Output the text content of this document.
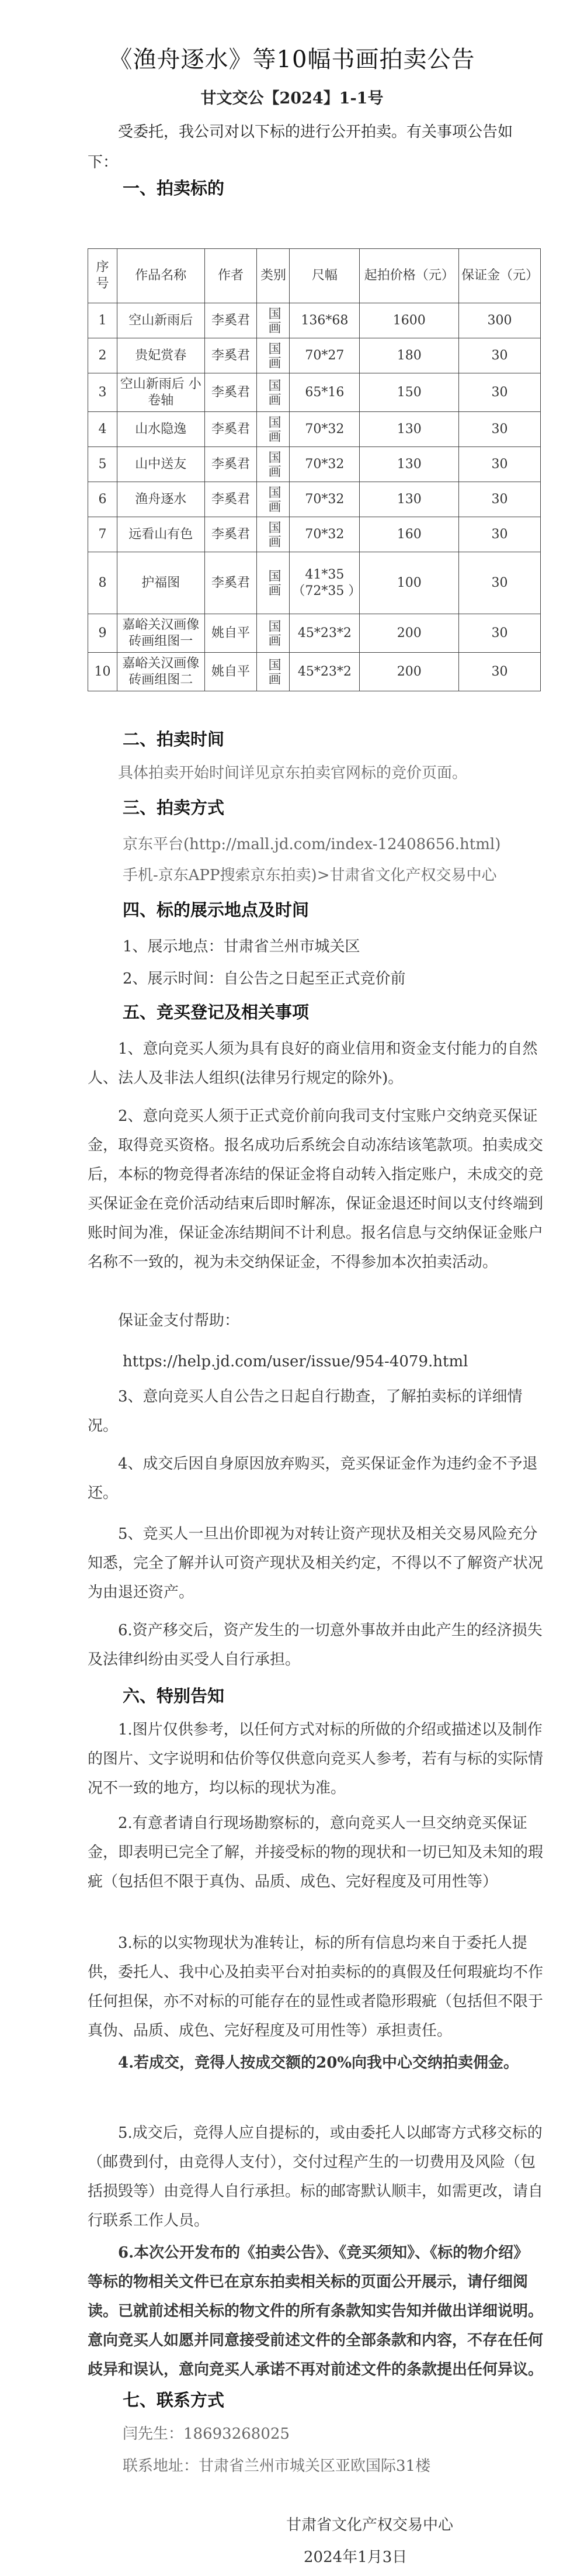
《渔舟逐水》等10幅书画拍卖公告
甘文交公【2024】1-1号
受委托，我公司对以下标的进行公开拍卖。有关事项公告如下：
一、拍卖标的
序号	作品名称	作者	类别	尺幅	起拍价格（元）	保证金（元）
1	空山新雨后	李奚君	国画	136*68	1600	300
2	贵妃赏春	李奚君	国画	70*27	180	30
3	空山新雨后 小卷轴	李奚君	国画	65*16	150	30
4	山水隐逸	李奚君	国画	70*32	130	30
5	山中送友	李奚君	国画	70*32	130	30
6	渔舟逐水	李奚君	国画	70*32	130	30
7	远看山有色	李奚君	国画	70*32	160	30
8	护福图	李奚君	国画	41*35 （72*35 ）	100	30
9	嘉峪关汉画像砖画组图一	姚自平	国画	45*23*2	200	30
10	嘉峪关汉画像砖画组图二	姚自平	国画	45*23*2	200	30
二、拍卖时间
具体拍卖开始时间详见京东拍卖官网标的竞价页面。
三、拍卖方式
京东平台(http://mall.jd.com/index-12408656.html)
手机-京东APP搜索京东拍卖)>甘肃省文化产权交易中心
四、标的展示地点及时间
1、展示地点：甘肃省兰州市城关区
2、展示时间：自公告之日起至正式竞价前
五、竞买登记及相关事项
1、意向竞买人须为具有良好的商业信用和资金支付能力的自然人、法人及非法人组织(法律另行规定的除外)。
2、意向竞买人须于正式竞价前向我司支付宝账户交纳竞买保证金，取得竞买资格。报名成功后系统会自动冻结该笔款项。拍卖成交后，本标的物竞得者冻结的保证金将自动转入指定账户，未成交的竞买保证金在竞价活动结束后即时解冻，保证金退还时间以支付终端到账时间为准，保证金冻结期间不计利息。报名信息与交纳保证金账户名称不一致的，视为未交纳保证金，不得参加本次拍卖活动。
保证金支付帮助：
https://help.jd.com/user/issue/954-4079.html
3、意向竞买人自公告之日起自行勘查，了解拍卖标的详细情况。
4、成交后因自身原因放弃购买，竞买保证金作为违约金不予退还。
5、竞买人一旦出价即视为对转让资产现状及相关交易风险充分知悉，完全了解并认可资产现状及相关约定，不得以不了解资产状况为由退还资产。
6.资产移交后，资产发生的一切意外事故并由此产生的经济损失及法律纠纷由买受人自行承担。
六、特别告知
1.图片仅供参考，以任何方式对标的所做的介绍或描述以及制作的图片、文字说明和估价等仅供意向竞买人参考，若有与标的实际情况不一致的地方，均以标的现状为准。
2.有意者请自行现场勘察标的，意向竞买人一旦交纳竞买保证金，即表明已完全了解，并接受标的物的现状和一切已知及未知的瑕疵（包括但不限于真伪、品质、成色、完好程度及可用性等）
3.标的以实物现状为准转让，标的所有信息均来自于委托人提供，委托人、我中心及拍卖平台对拍卖标的的真假及任何瑕疵均不作任何担保，亦不对标的可能存在的显性或者隐形瑕疵（包括但不限于真伪、品质、成色、完好程度及可用性等）承担责任。
4.若成交，竞得人按成交额的20%向我中心交纳拍卖佣金。
5.成交后，竞得人应自提标的，或由委托人以邮寄方式移交标的（邮费到付，由竞得人支付），交付过程产生的一切费用及风险（包括损毁等）由竞得人自行承担。标的邮寄默认顺丰，如需更改，请自行联系工作人员。
6.本次公开发布的《拍卖公告》、《竞买须知》、《标的物介绍》等标的物相关文件已在京东拍卖相关标的页面公开展示，请仔细阅读。已就前述相关标的物文件的所有条款知实告知并做出详细说明。意向竞买人如愿并同意接受前述文件的全部条款和内容，不存在任何歧异和误认，意向竞买人承诺不再对前述文件的条款提出任何异议。
七、联系方式
闫先生：18693268025
联系地址：甘肃省兰州市城关区亚欧国际31楼
甘肃省文化产权交易中心
2024年1月3日
